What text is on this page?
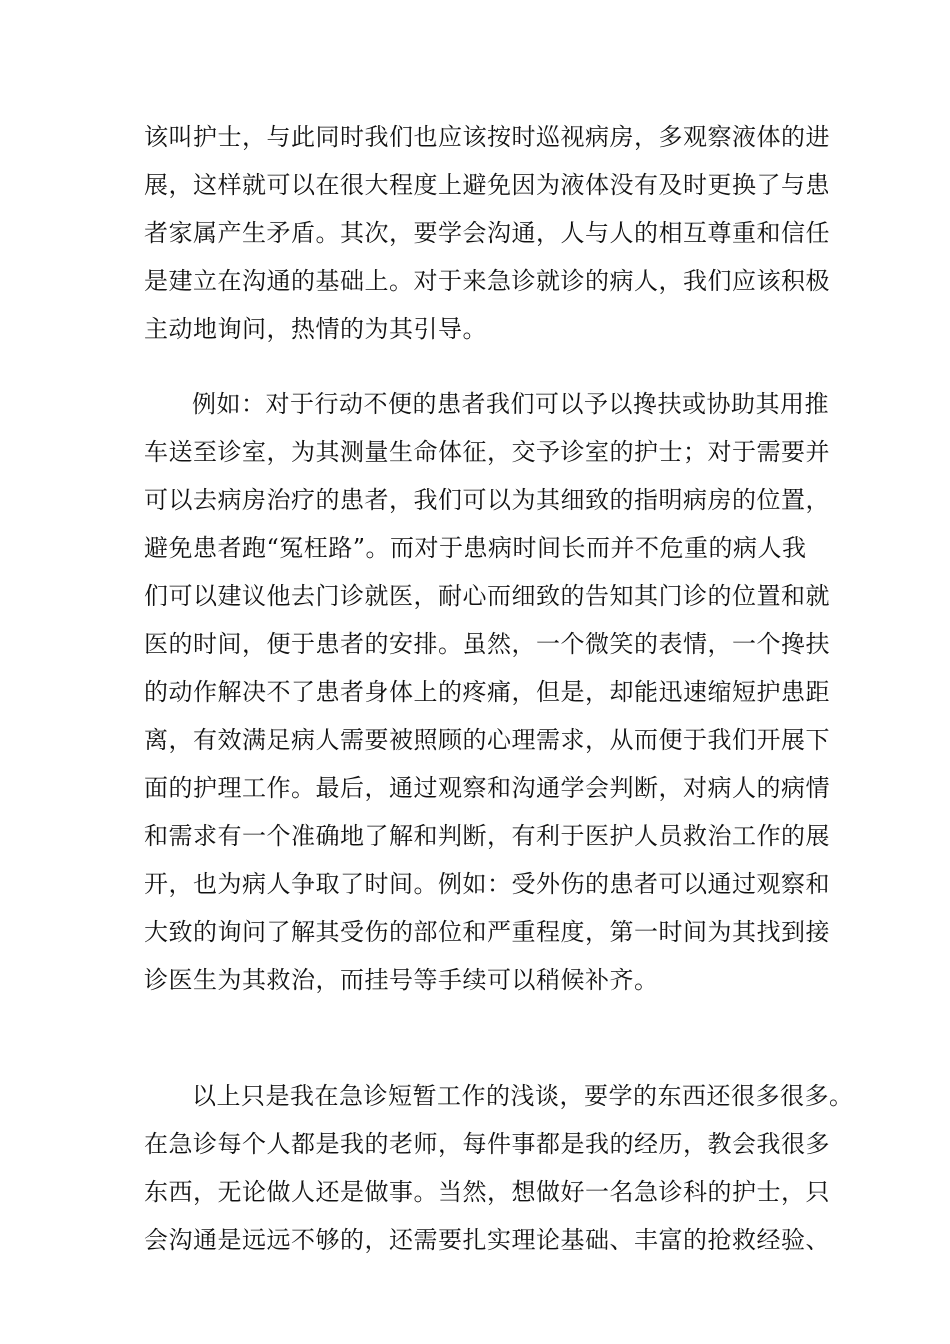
该叫护士，与此同时我们也应该按时巡视病房，多观察液体的进
展，这样就可以在很大程度上避免因为液体没有及时更换了与患
者家属产生矛盾。其次，要学会沟通，人与人的相互尊重和信任
是建立在沟通的基础上。对于来急诊就诊的病人，我们应该积极
主动地询问，热情的为其引导。
例如：对于行动不便的患者我们可以予以搀扶或协助其用推
车送至诊室，为其测量生命体征，交予诊室的护士；对于需要并
可以去病房治疗的患者，我们可以为其细致的指明病房的位置，
避免患者跑“冤枉路”。而对于患病时间长而并不危重的病人我
们可以建议他去门诊就医，耐心而细致的告知其门诊的位置和就
医的时间，便于患者的安排。虽然，一个微笑的表情，一个搀扶
的动作解决不了患者身体上的疼痛，但是，却能迅速缩短护患距
离，有效满足病人需要被照顾的心理需求，从而便于我们开展下
面的护理工作。最后，通过观察和沟通学会判断，对病人的病情
和需求有一个准确地了解和判断，有利于医护人员救治工作的展
开，也为病人争取了时间。例如：受外伤的患者可以通过观察和
大致的询问了解其受伤的部位和严重程度，第一时间为其找到接
诊医生为其救治，而挂号等手续可以稍候补齐。
以上只是我在急诊短暂工作的浅谈，要学的东西还很多很多。
在急诊每个人都是我的老师，每件事都是我的经历，教会我很多
东西，无论做人还是做事。当然，想做好一名急诊科的护士，只
会沟通是远远不够的，还需要扎实理论基础、丰富的抢救经验、
